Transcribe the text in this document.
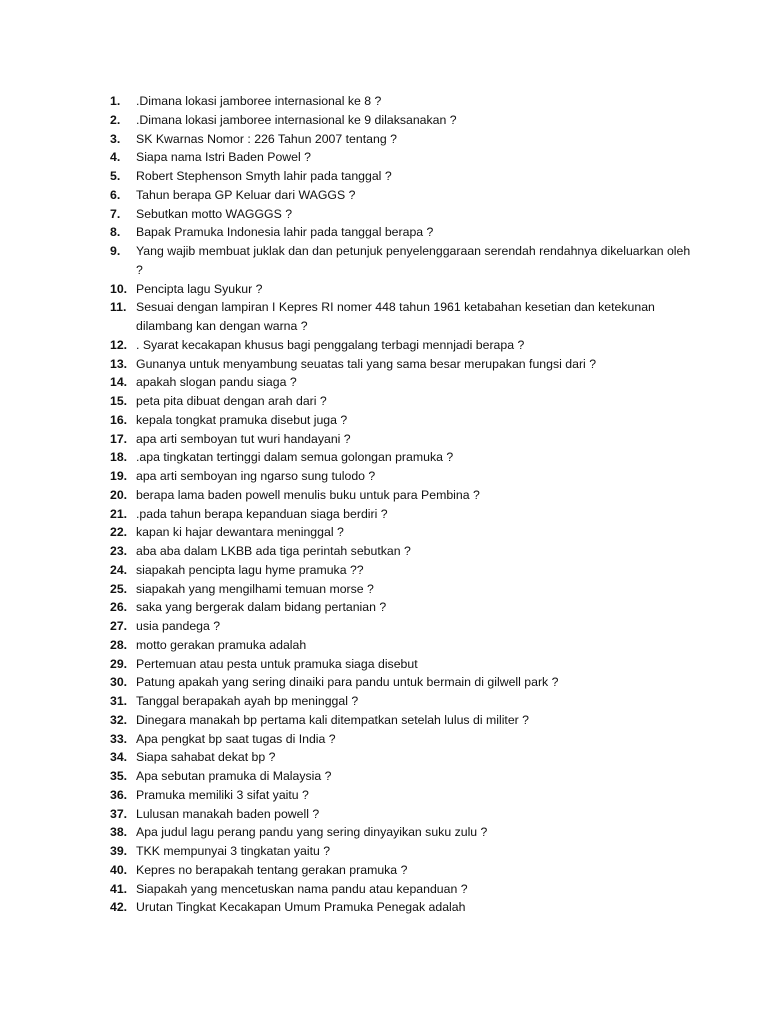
1.	.Dimana lokasi jamboree internasional ke 8 ?
2.	.Dimana lokasi jamboree internasional ke 9 dilaksanakan ?
3.	SK Kwarnas Nomor : 226 Tahun 2007 tentang ?
4.	Siapa nama Istri Baden Powel ?
5.	Robert Stephenson Smyth lahir pada tanggal ?
6.	Tahun berapa GP Keluar dari WAGGS ?
7.	Sebutkan motto WAGGGS ?
8.	Bapak Pramuka Indonesia lahir pada tanggal berapa ?
9.	Yang wajib membuat juklak dan dan petunjuk penyelenggaraan serendah rendahnya dikeluarkan oleh ?
10. Pencipta lagu Syukur ?
11. Sesuai dengan lampiran I Kepres RI nomer 448 tahun 1961 ketabahan kesetian dan ketekunan dilambang kan dengan warna ?
12. . Syarat kecakapan khusus bagi penggalang terbagi mennjadi berapa ?
13. Gunanya untuk menyambung seuatas tali yang sama besar merupakan fungsi dari ?
14. apakah slogan pandu siaga ?
15. peta pita dibuat dengan arah dari ?
16. kepala tongkat pramuka disebut juga ?
17. apa arti semboyan tut wuri handayani ?
18. .apa tingkatan tertinggi dalam semua golongan pramuka ?
19. apa arti semboyan ing ngarso sung tulodo ?
20. berapa lama baden powell menulis buku untuk para Pembina ?
21. .pada tahun berapa kepanduan siaga berdiri ?
22. kapan ki hajar dewantara meninggal ?
23. aba aba dalam LKBB ada tiga perintah sebutkan ?
24. siapakah pencipta lagu hyme pramuka ??
25. siapakah yang mengilhami temuan morse ?
26. saka yang bergerak dalam bidang pertanian ?
27. usia pandega ?
28. motto gerakan pramuka adalah
29. Pertemuan atau pesta untuk pramuka siaga disebut
30. Patung apakah yang sering dinaiki para pandu untuk bermain di gilwell park ?
31. Tanggal berapakah ayah bp meninggal ?
32. Dinegara manakah bp pertama kali ditempatkan setelah lulus di militer ?
33. Apa pengkat bp saat tugas di India ?
34. Siapa sahabat dekat bp ?
35. Apa sebutan pramuka di Malaysia ?
36. Pramuka memiliki 3 sifat yaitu ?
37. Lulusan manakah baden powell ?
38. Apa judul lagu perang pandu yang sering dinyayikan suku zulu ?
39. TKK mempunyai 3 tingkatan yaitu ?
40. Kepres no berapakah tentang gerakan pramuka ?
41. Siapakah yang mencetuskan nama pandu atau kepanduan ?
42. Urutan Tingkat Kecakapan Umum Pramuka Penegak adalah
